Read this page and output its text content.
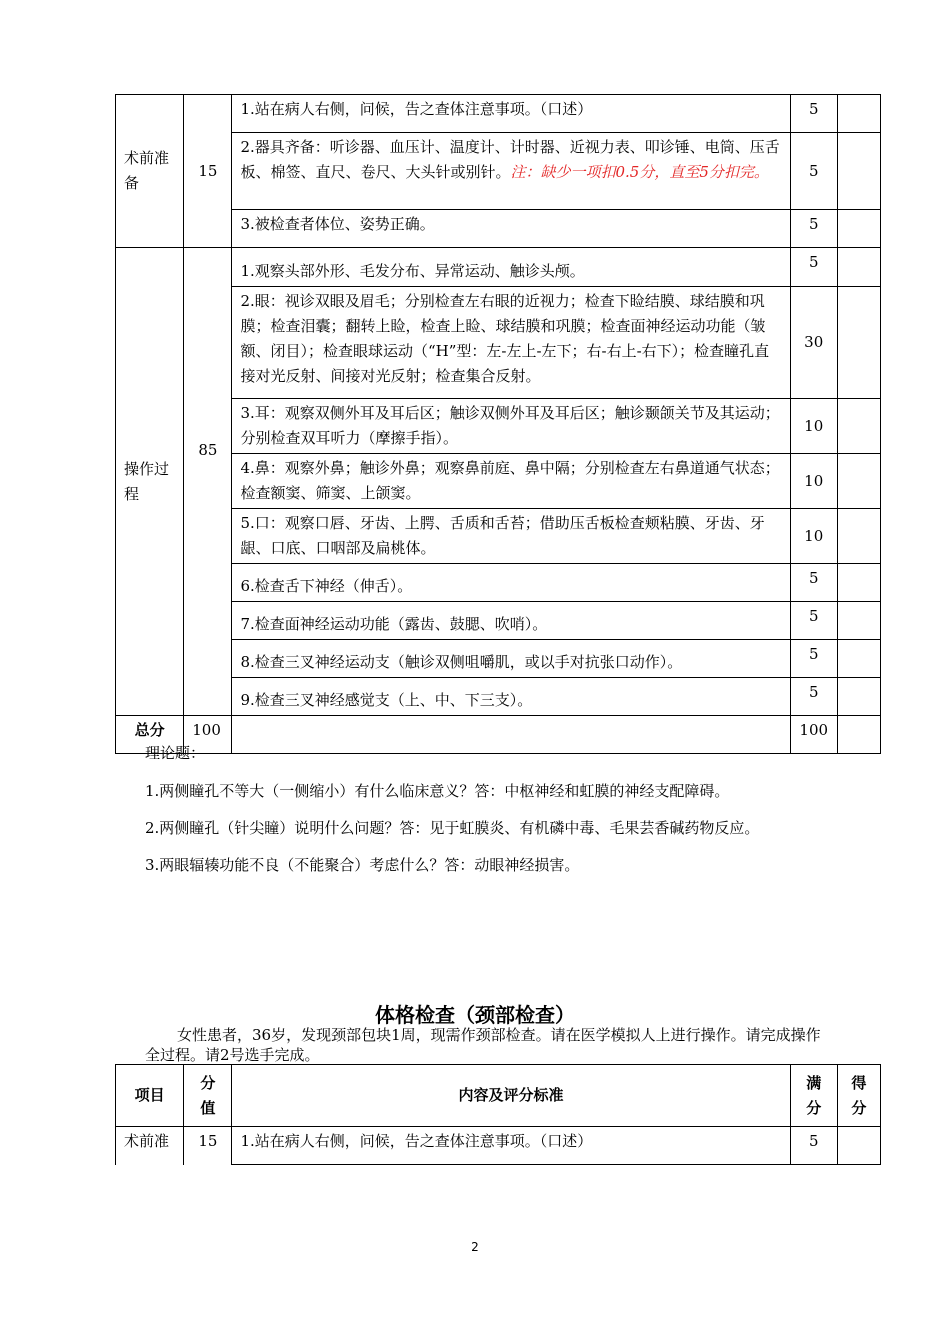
术前准备	15	1.站在病人右侧，问候，告之查体注意事项。（口述）	5	
		2.器具齐备：听诊器、血压计、温度计、计时器、近视力表、叩诊锤、电筒、压舌板、棉签、直尺、卷尺、大头针或别针。注：缺少一项扣0.5分，直至5分扣完。	5	
		3.被检查者体位、姿势正确。	5	
操作过程	85	1.观察头部外形、毛发分布、异常运动、触诊头颅。	5	
		2.眼：视诊双眼及眉毛；分别检查左右眼的近视力；检查下睑结膜、球结膜和巩膜；检查泪囊；翻转上睑，检查上睑、球结膜和巩膜；检查面神经运动功能（皱额、闭目）；检查眼球运动（“H”型：左-左上-左下；右-右上-右下）；检查瞳孔直接对光反射、间接对光反射；检查集合反射。	30	
		3.耳：观察双侧外耳及耳后区；触诊双侧外耳及耳后区；触诊颞颌关节及其运动；分别检查双耳听力（摩擦手指）。	10	
		4.鼻：观察外鼻；触诊外鼻；观察鼻前庭、鼻中隔；分别检查左右鼻道通气状态；检查额窦、筛窦、上颌窦。	10	
		5.口：观察口唇、牙齿、上腭、舌质和舌苔；借助压舌板检查颊粘膜、牙齿、牙龈、口底、口咽部及扁桃体。	10	
		6.检查舌下神经（伸舌）。	5	
		7.检查面神经运动功能（露齿、鼓腮、吹哨）。	5	
		8.检查三叉神经运动支（触诊双侧咀嚼肌，或以手对抗张口动作）。	5	
		9.检查三叉神经感觉支（上、中、下三支）。	5	
总分	100		100	
理论题：
1.两侧瞳孔不等大（一侧缩小）有什么临床意义？答：中枢神经和虹膜的神经支配障碍。
2.两侧瞳孔（针尖瞳）说明什么问题？答：见于虹膜炎、有机磷中毒、毛果芸香碱药物反应。
3.两眼辐辏功能不良（不能聚合）考虑什么？答：动眼神经损害。
体格检查（颈部检查）
女性患者，36岁，发现颈部包块1周，现需作颈部检查。请在医学模拟人上进行操作。请完成操作全过程。请2号选手完成。
项目	分值	内容及评分标准	满分	得分
术前准	15	1.站在病人右侧，问候，告之查体注意事项。（口述）	5	
2
